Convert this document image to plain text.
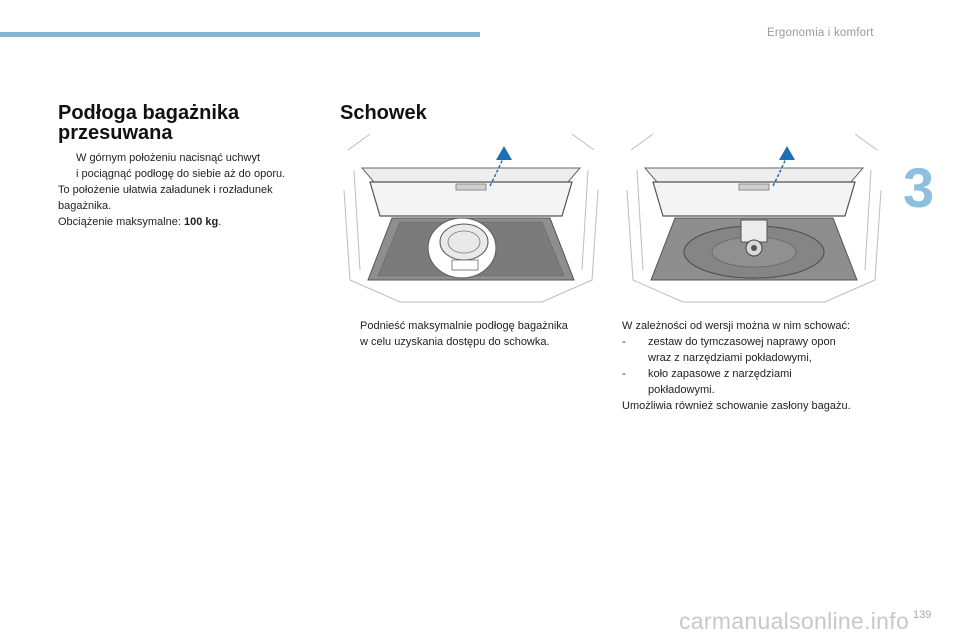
Ergonomia i komfort
3
Podłoga bagażnika
przesuwana
W górnym położeniu nacisnąć uchwyt
i pociągnąć podłogę do siebie aż do oporu.
To położenie ułatwia załadunek i rozładunek
bagażnika.
Obciążenie maksymalne: 100 kg.
Schowek
Podnieść maksymalnie podłogę bagażnika
w celu uzyskania dostępu do schowka.
W zależności od wersji można w nim schować:
-	zestaw do tymczasowej naprawy opon
wraz z narzędziami pokładowymi,
-	koło zapasowe z narzędziami
pokładowymi.
Umożliwia również schowanie zasłony bagażu.
139
carmanualsonline.info
